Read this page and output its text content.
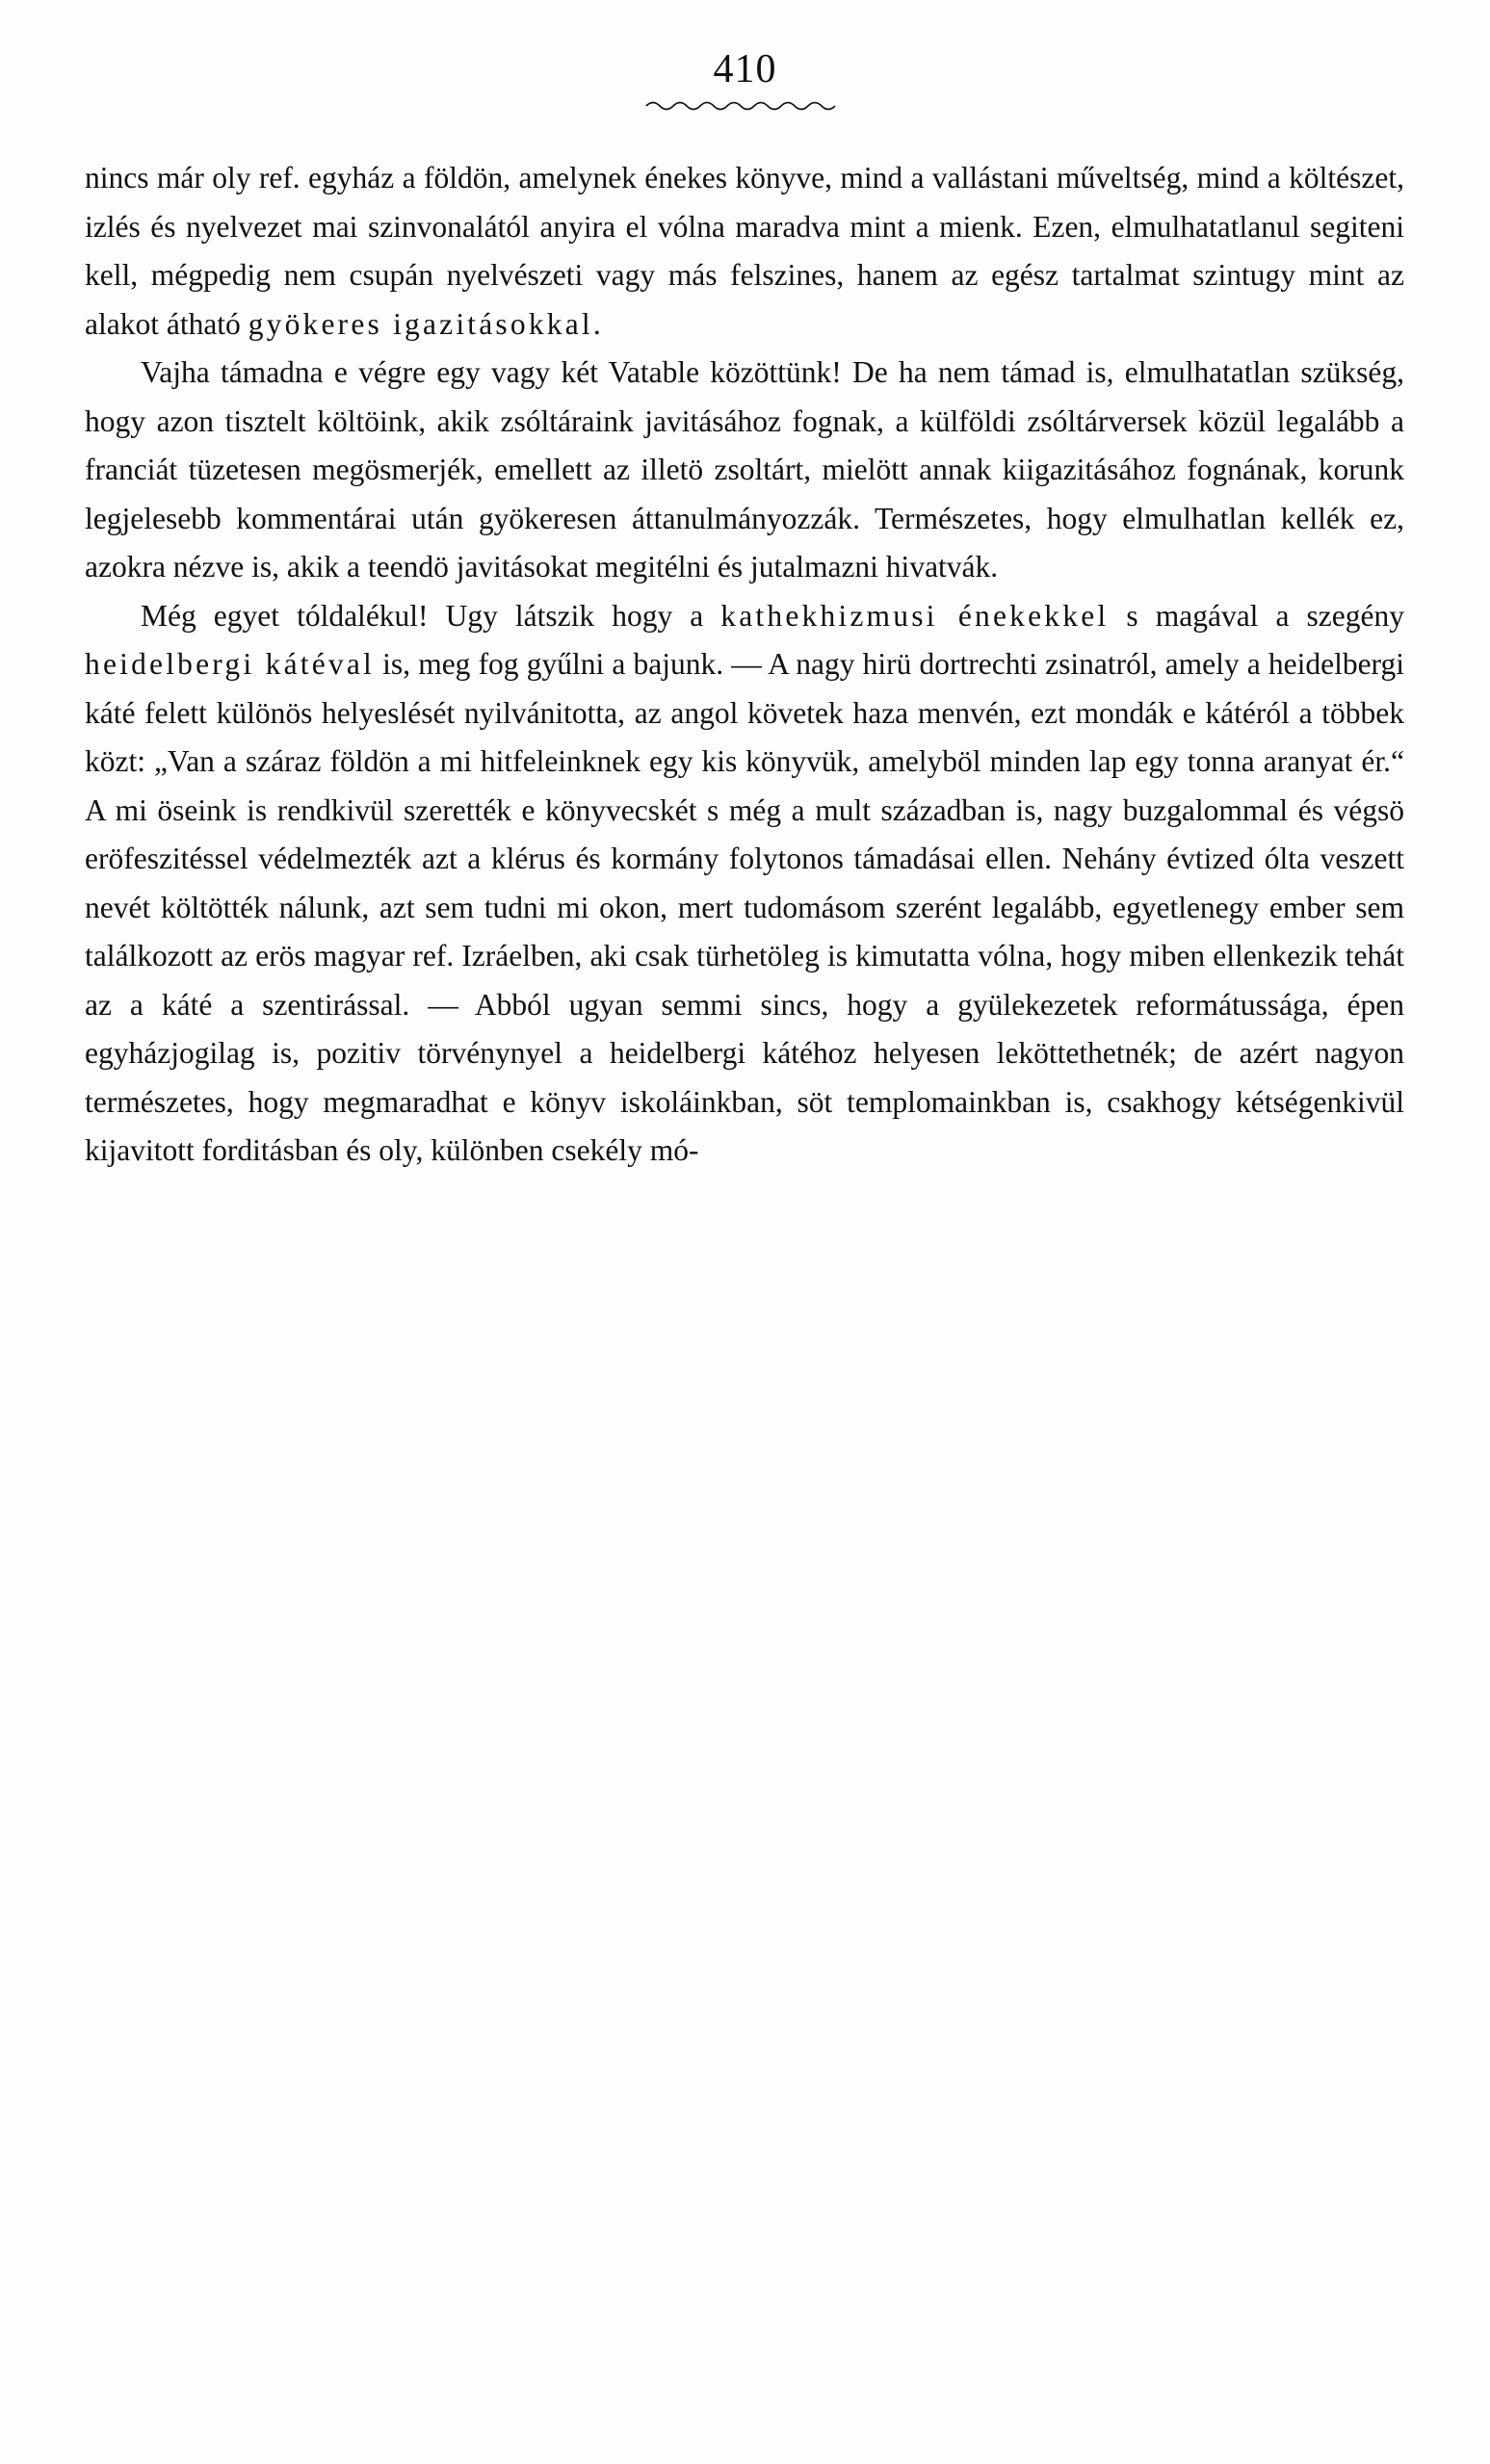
410

nincs már oly ref. egyház a földön, amelynek énekes könyve, mind a vallástani műveltség, mind a költészet, izlés és nyelvezet mai szinvonalától anyira el vólna maradva mint a mienk. Ezen, elmulhatatlanul segiteni kell, mégpedig nem csupán nyelvészeti vagy más felszines, hanem az egész tartalmat szintugy mint az alakot átható gyökeres igazitásokkal.

Vajha támadna e végre egy vagy két Vatable közöttünk! De ha nem támad is, elmulhatatlan szükség, hogy azon tisztelt költöink, akik zsóltáraink javitásához fognak, a külföldi zsóltárversek közül legalább a franciát tüzetesen megösmerjék, emellett az illetö zsoltárt, mielött annak kiigazitásához fognának, korunk legjelesebb kommentárai után gyökeresen áttanulmányozzák. Természetes, hogy elmulhatlan kellék ez, azokra nézve is, akik a teendö javitásokat megitélni és jutalmazni hivatvák.

Még egyet tóldalékul! Ugy látszik hogy a kathekhizmusi énekekkel s magával a szegény heidelbergi kátéval is, meg fog gyűlni a bajunk. — A nagy hirü dortrechti zsinatról, amely a heidelbergi káté felett különös helyeslését nyilvánitotta, az angol követek haza menvén, ezt mondák e kátéról a többek közt: „Van a száraz földön a mi hitfeleinknek egy kis könyvük, amelyböl minden lap egy tonna aranyat ér.“ A mi öseink is rendkivül szerették e könyvecskét s még a mult században is, nagy buzgalommal és végsö eröfeszitéssel védelmezték azt a klérus és kormány folytonos támadásai ellen. Nehány évtized ólta veszett nevét költötték nálunk, azt sem tudni mi okon, mert tudomásom szerént legalább, egyetlenegy ember sem találkozott az erös magyar ref. Izráelben, aki csak türhetöleg is kimutatta vólna, hogy miben ellenkezik tehát az a káté a szentirással. — Abból ugyan semmi sincs, hogy a gyülekezetek reformátussága, épen egyházjogilag is, pozitiv törvénynyel a heidelbergi kátéhoz helyesen leköttethetnék; de azért nagyon természetes, hogy megmaradhat e könyv iskoláinkban, söt templomainkban is, csakhogy kétségenkivül kijavitott forditásban és oly, különben csekély mó-
